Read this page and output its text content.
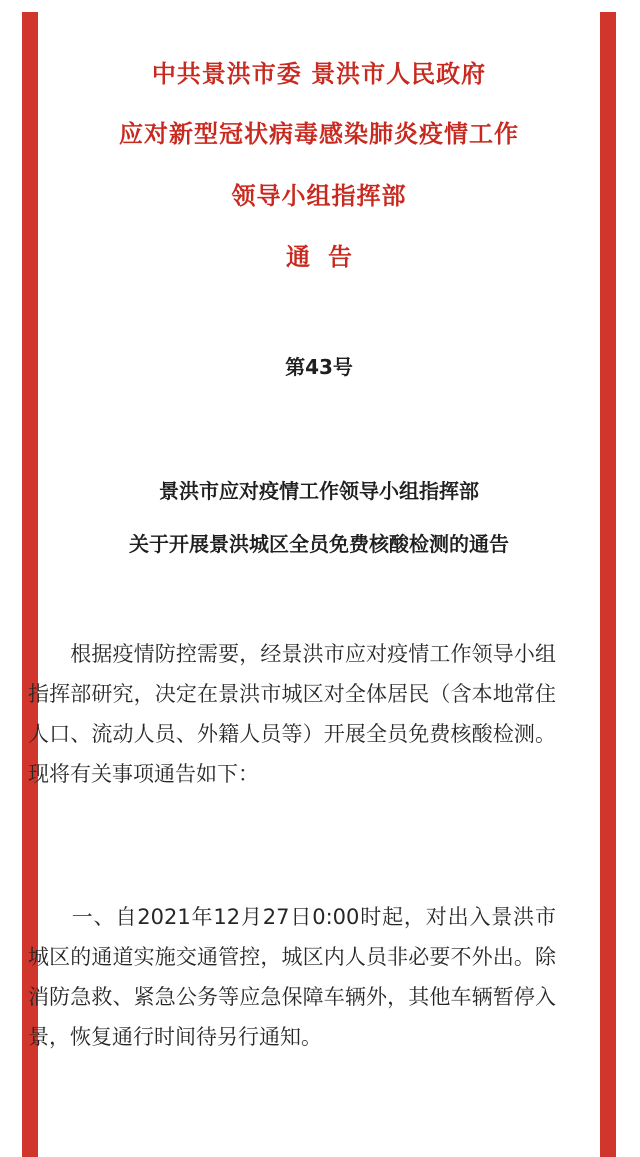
中共景洪市委 景洪市人民政府
应对新型冠状病毒感染肺炎疫情工作
领导小组指挥部
通告
第43号
景洪市应对疫情工作领导小组指挥部
关于开展景洪城区全员免费核酸检测的通告
　　根据疫情防控需要，经景洪市应对疫情工作领导小组指挥部研究，决定在景洪市城区对全体居民（含本地常住人口、流动人员、外籍人员等）开展全员免费核酸检测。现将有关事项通告如下：
　　一、自2021年12月27日0:00时起，对出入景洪市城区的通道实施交通管控，城区内人员非必要不外出。除消防急救、紧急公务等应急保障车辆外，其他车辆暂停入景，恢复通行时间待另行通知。
